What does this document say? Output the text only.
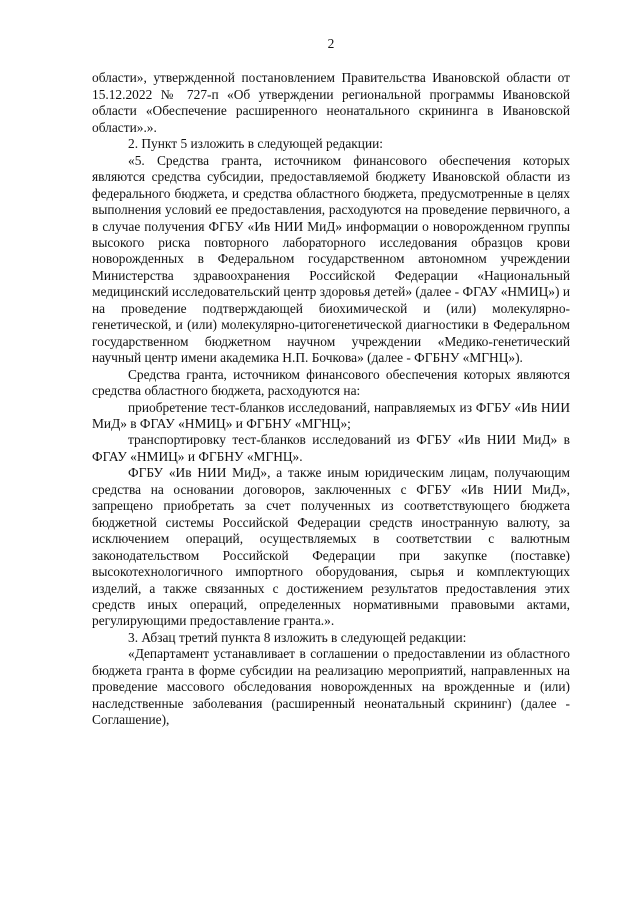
2

области», утвержденной постановлением Правительства Ивановской области от 15.12.2022 № 727-п «Об утверждении региональной программы Ивановской области «Обеспечение расширенного неонатального скрининга в Ивановской области».».

2. Пункт 5 изложить в следующей редакции:

«5. Средства гранта, источником финансового обеспечения которых являются средства субсидии, предоставляемой бюджету Ивановской области из федерального бюджета, и средства областного бюджета, предусмотренные в целях выполнения условий ее предоставления, расходуются на проведение первичного, а в случае получения ФГБУ «Ив НИИ МиД» информации о новорожденном группы высокого риска повторного лабораторного исследования образцов крови новорожденных в Федеральном государственном автономном учреждении Министерства здравоохранения Российской Федерации «Национальный медицинский исследовательский центр здоровья детей» (далее - ФГАУ «НМИЦ») и на проведение подтверждающей биохимической и (или) молекулярно-генетической, и (или) молекулярно-цитогенетической диагностики в Федеральном государственном бюджетном научном учреждении «Медико-генетический научный центр имени академика Н.П. Бочкова» (далее - ФГБНУ «МГНЦ»).

Средства гранта, источником финансового обеспечения которых являются средства областного бюджета, расходуются на:

приобретение тест-бланков исследований, направляемых из ФГБУ «Ив НИИ МиД» в ФГАУ «НМИЦ» и ФГБНУ «МГНЦ»;

транспортировку тест-бланков исследований из ФГБУ «Ив НИИ МиД» в ФГАУ «НМИЦ» и ФГБНУ «МГНЦ».

ФГБУ «Ив НИИ МиД», а также иным юридическим лицам, получающим средства на основании договоров, заключенных с ФГБУ «Ив НИИ МиД», запрещено приобретать за счет полученных из соответствующего бюджета бюджетной системы Российской Федерации средств иностранную валюту, за исключением операций, осуществляемых в соответствии с валютным законодательством Российской Федерации при закупке (поставке) высокотехнологичного импортного оборудования, сырья и комплектующих изделий, а также связанных с достижением результатов предоставления этих средств иных операций, определенных нормативными правовыми актами, регулирующими предоставление гранта.».

3. Абзац третий пункта 8 изложить в следующей редакции:

«Департамент устанавливает в соглашении о предоставлении из областного бюджета гранта в форме субсидии на реализацию мероприятий, направленных на проведение массового обследования новорожденных на врожденные и (или) наследственные заболевания (расширенный неонатальный скрининг) (далее - Соглашение),
